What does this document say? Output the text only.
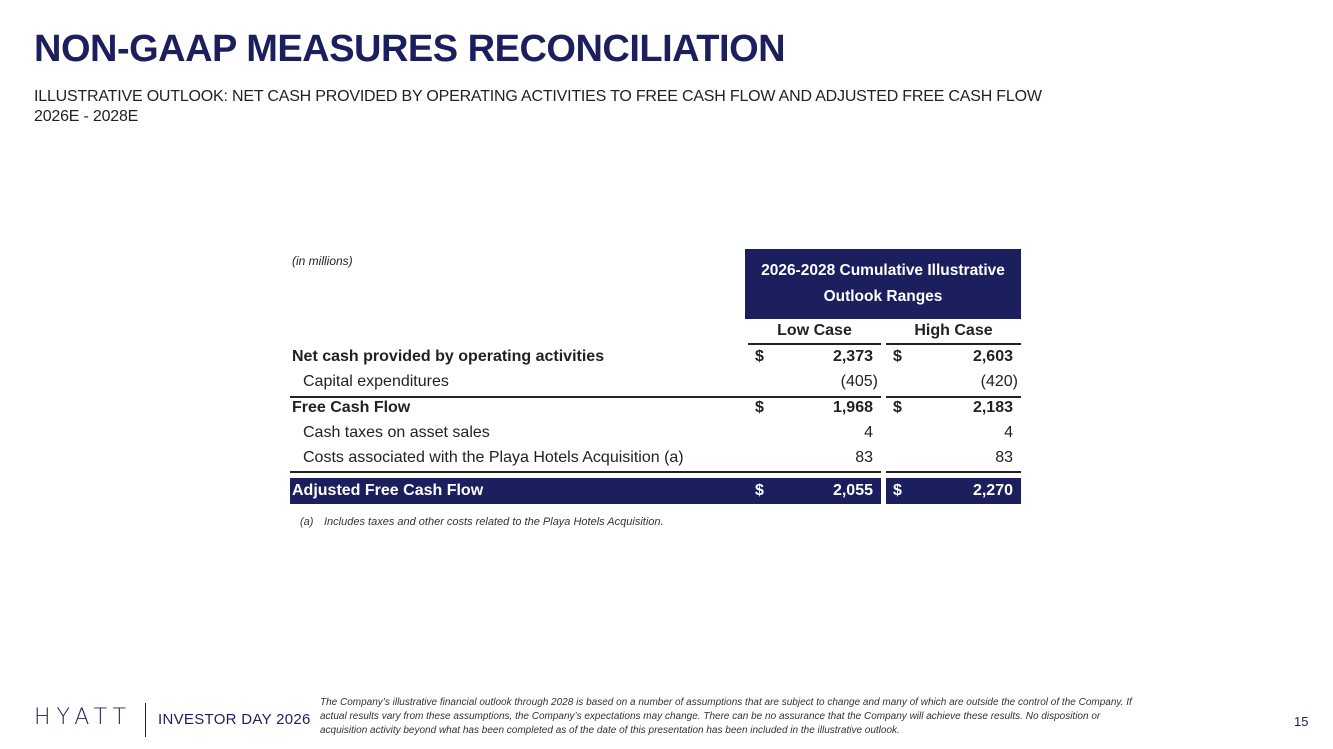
NON-GAAP MEASURES RECONCILIATION
ILLUSTRATIVE OUTLOOK: NET CASH PROVIDED BY OPERATING ACTIVITIES TO FREE CASH FLOW AND ADJUSTED FREE CASH FLOW
2026E - 2028E
(in millions)
2026-2028 Cumulative Illustrative
Outlook Ranges
Low Case	High Case
Net cash provided by operating activities	$	2,373 $	2,603
Capital expenditures	(405)	(420)
Free Cash Flow	$	1,968 $	2,183
Cash taxes on asset sales	4	4
Costs associated with the Playa Hotels Acquisition (a)	83	83
Adjusted Free Cash Flow	$	2,055 $	2,270
(a) Includes taxes and other costs related to the Playa Hotels Acquisition.
HYATT INVESTOR DAY 2026
The Company’s illustrative financial outlook through 2028 is based on a number of assumptions that are subject to change and many of which are outside the control of the Company. If actual results vary from these assumptions, the Company’s expectations may change. There can be no assurance that the Company will achieve these results. No disposition or acquisition activity beyond what has been completed as of the date of this presentation has been included in the illustrative outlook.
15
